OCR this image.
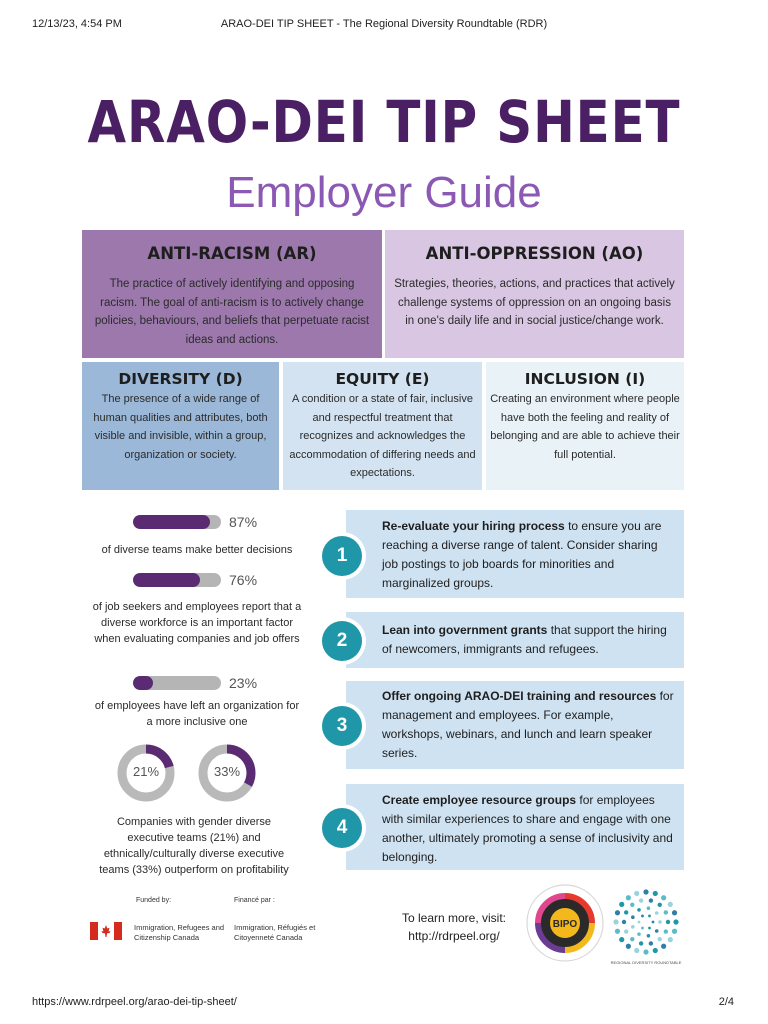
12/13/23, 4:54 PM	ARAO-DEI TIP SHEET - The Regional Diversity Roundtable (RDR)
https://www.rdrpeel.org/arao-dei-tip-sheet/	2/4
ARAO-DEI TIP SHEET
Employer Guide
ANTI-RACISM (AR)

The practice of actively identifying and opposing racism. The goal of anti-racism is to actively change policies, behaviours, and beliefs that perpetuate racist ideas and actions.

ANTI-OPPRESSION (AO)

Strategies, theories, actions, and practices that actively challenge systems of oppression on an ongoing basis in one's daily life and in social justice/change work.

DIVERSITY (D)

The presence of a wide range of human qualities and attributes, both visible and invisible, within a group, organization or society.

EQUITY (E)

A condition or a state of fair, inclusive and respectful treatment that recognizes and acknowledges the accommodation of differing needs and expectations.

INCLUSION (I)

Creating an environment where people have both the feeling and reality of belonging and are able to achieve their full potential.

87%
of diverse teams make better decisions
76%
of job seekers and employees report that a diverse workforce is an important factor when evaluating companies and job offers
23%
of employees have left an organization for a more inclusive one
21%	33%
Companies with gender diverse executive teams (21%) and ethnically/culturally diverse executive teams (33%) outperform on profitability

Re-evaluate your hiring process to ensure you are reaching a diverse range of talent. Consider sharing job postings to job boards for minorities and marginalized groups.

1

Lean into government grants that support the hiring of newcomers, immigrants and refugees.

2

Offer ongoing ARAO-DEI training and resources for management and employees. For example, workshops, webinars, and lunch and learn speaker series.

3

Create employee resource groups for employees with similar experiences to share and engage with one another, ultimately promoting a sense of inclusivity and belonging.

4
Funded by:	Financé par :
Immigration, Refugees and Citizenship Canada
Immigration, Réfugiés et Citoyenneté Canada
To learn more, visit:
http://rdrpeel.org/
BIPO
REGIONAL DIVERSITY ROUNDTABLE
